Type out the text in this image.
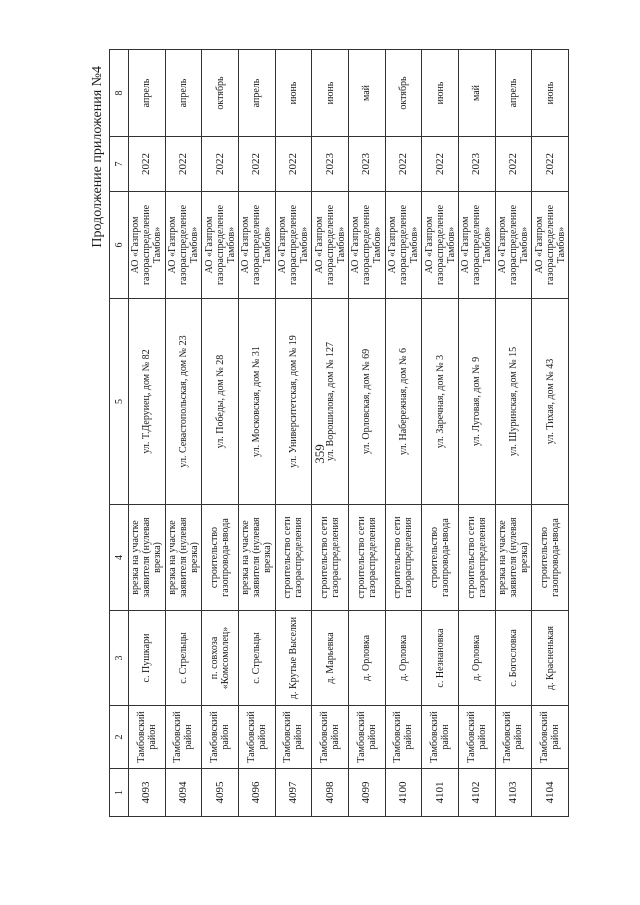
359
Продолжение приложения №4
1	2	3	4	5	6	7	8
4093	Тамбовский район	с. Пушкари	врезка на участке заявителя (нулевая врезка)	ул. Т.Деруиец, дом № 82	АО «Газпром газораспределение Тамбов»	2022	апрель
4094	Тамбовский район	с. Стрельцы	врезка на участке заявителя (нулевая врезка)	ул. Севастопольская, дом № 23	АО «Газпром газораспределение Тамбов»	2022	апрель
4095	Тамбовский район	п. совхоза «Комсомолец»	строительство газопровода-ввода	ул. Победы, дом № 28	АО «Газпром газораспределение Тамбов»	2022	октябрь
4096	Тамбовский район	с. Стрельцы	врезка на участке заявителя (нулевая врезка)	ул. Московская, дом № 31	АО «Газпром газораспределение Тамбов»	2022	апрель
4097	Тамбовский район	д. Крутые Выселки	строительство сети газораспределения	ул. Университетская, дом № 19	АО «Газпром газораспределение Тамбов»	2022	июнь
4098	Тамбовский район	д. Марьевка	строительство сети газораспределения	ул. Ворошилова, дом № 127	АО «Газпром газораспределение Тамбов»	2023	июнь
4099	Тамбовский район	д. Орловка	строительство сети газораспределения	ул. Орловская, дом № 69	АО «Газпром газораспределение Тамбов»	2023	май
4100	Тамбовский район	д. Орловка	строительство сети газораспределения	ул. Набережная, дом № 6	АО «Газпром газораспределение Тамбов»	2022	октябрь
4101	Тамбовский район	с. Незнановка	строительство газопровода-ввода	ул. Заречная, дом № 3	АО «Газпром газораспределение Тамбов»	2022	июнь
4102	Тамбовский район	д. Орловка	строительство сети газораспределения	ул. Луговая, дом № 9	АО «Газпром газораспределение Тамбов»	2023	май
4103	Тамбовский район	с. Богословка	врезка на участке заявителя (нулевая врезка)	ул. Шуринская, дом № 15	АО «Газпром газораспределение Тамбов»	2022	апрель
4104	Тамбовский район	д. Красненькая	строительство газопровода-ввода	ул. Тихая, дом № 43	АО «Газпром газораспределение Тамбов»	2022	июнь
